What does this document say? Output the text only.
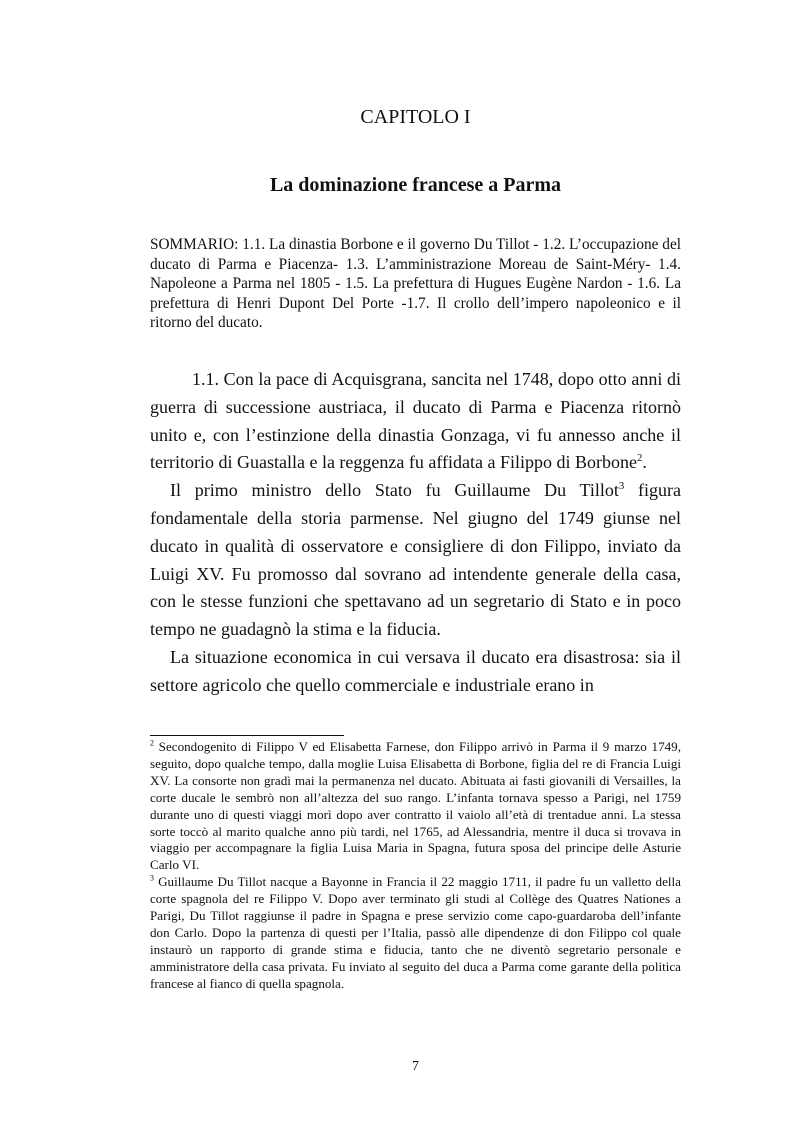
CAPITOLO I
La dominazione francese a Parma
SOMMARIO: 1.1. La dinastia Borbone e il governo Du Tillot - 1.2. L’occupazione del ducato di Parma e Piacenza- 1.3. L’amministrazione Moreau de Saint-Méry- 1.4. Napoleone a Parma nel 1805 - 1.5. La prefettura di Hugues Eugène Nardon - 1.6. La prefettura di Henri Dupont Del Porte -1.7. Il crollo dell’impero napoleonico e il ritorno del ducato.

1.1. Con la pace di Acquisgrana, sancita nel 1748, dopo otto anni di guerra di successione austriaca, il ducato di Parma e Piacenza ritornò unito e, con l’estinzione della dinastia Gonzaga, vi fu annesso anche il territorio di Guastalla e la reggenza fu affidata a Filippo di Borbone$^2$.

Il primo ministro dello Stato fu Guillaume Du Tillot$^3$ figura fondamentale della storia parmense. Nel giugno del 1749 giunse nel ducato in qualità di osservatore e consigliere di don Filippo, inviato da Luigi XV. Fu promosso dal sovrano ad intendente generale della casa, con le stesse funzioni che spettavano ad un segretario di Stato e in poco tempo ne guadagnò la stima e la fiducia.

La situazione economica in cui versava il ducato era disastrosa: sia il settore agricolo che quello commerciale e industriale erano in

$^2$ Secondogenito di Filippo V ed Elisabetta Farnese, don Filippo arrivò in Parma il 9 marzo 1749, seguito, dopo qualche tempo, dalla moglie Luisa Elisabetta di Borbone, figlia del re di Francia Luigi XV. La consorte non gradì mai la permanenza nel ducato. Abituata ai fasti giovanili di Versailles, la corte ducale le sembrò non all’altezza del suo rango. L’infanta tornava spesso a Parigi, nel 1759 durante uno di questi viaggi morì dopo aver contratto il vaiolo all’età di trentadue anni. La stessa sorte toccò al marito qualche anno più tardi, nel 1765, ad Alessandria, mentre il duca si trovava in viaggio per accompagnare la figlia Luisa Maria in Spagna, futura sposa del principe delle Asturie Carlo VI.

$^3$ Guillaume Du Tillot nacque a Bayonne in Francia il 22 maggio 1711, il padre fu un valletto della corte spagnola del re Filippo V. Dopo aver terminato gli studi al Collège des Quatres Nationes a Parigi, Du Tillot raggiunse il padre in Spagna e prese servizio come capo-guardaroba dell’infante don Carlo. Dopo la partenza di questi per l’Italia, passò alle dipendenze di don Filippo col quale instaurò un rapporto di grande stima e fiducia, tanto che ne diventò segretario personale e amministratore della casa privata. Fu inviato al seguito del duca a Parma come garante della politica francese al fianco di quella spagnola.

7
